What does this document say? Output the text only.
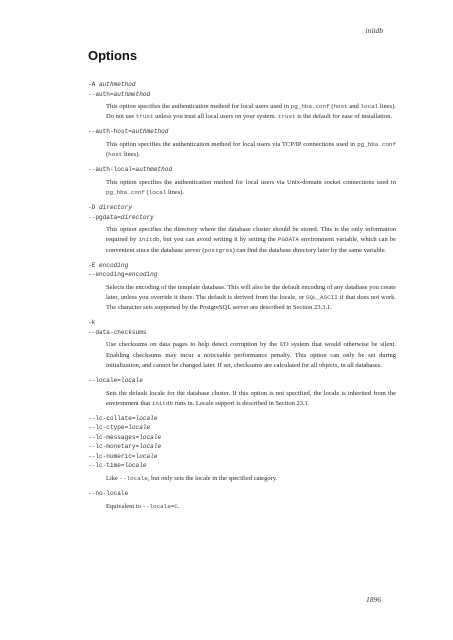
initdb
Options
-A authmethod
--auth=authmethod
This option specifies the authentication method for local users used in pg_hba.conf (host and local lines). Do not use trust unless you trust all local users on your system. trust is the default for ease of installation.
--auth-host=authmethod
This option specifies the authentication method for local users via TCP/IP connections used in pg_hba.conf (host lines).
--auth-local=authmethod
This option specifies the authentication method for local users via Unix-domain socket connections used in pg_hba.conf (local lines).
-D directory
--pgdata=directory
This option specifies the directory where the database cluster should be stored. This is the only information required by initdb, but you can avoid writing it by setting the PGDATA environment variable, which can be convenient since the database server (postgres) can find the database directory later by the same variable.
-E encoding
--encoding=encoding
Selects the encoding of the template database. This will also be the default encoding of any database you create later, unless you override it there. The default is derived from the locale, or SQL_ASCII if that does not work. The character sets supported by the PostgreSQL server are described in Section 23.3.1.
-k
--data-checksums
Use checksums on data pages to help detect corruption by the I/O system that would otherwise be silent. Enabling checksums may incur a noticeable performance penalty. This option can only be set during initialization, and cannot be changed later. If set, checksums are calculated for all objects, in all databases.
--locale=locale
Sets the default locale for the database cluster. If this option is not specified, the locale is inherited from the environment that initdb runs in. Locale support is described in Section 23.1.
--lc-collate=locale
--lc-ctype=locale
--lc-messages=locale
--lc-monetary=locale
--lc-numeric=locale
--lc-time=locale
Like --locale, but only sets the locale in the specified category.
--no-locale
Equivalent to --locale=C.
1896
